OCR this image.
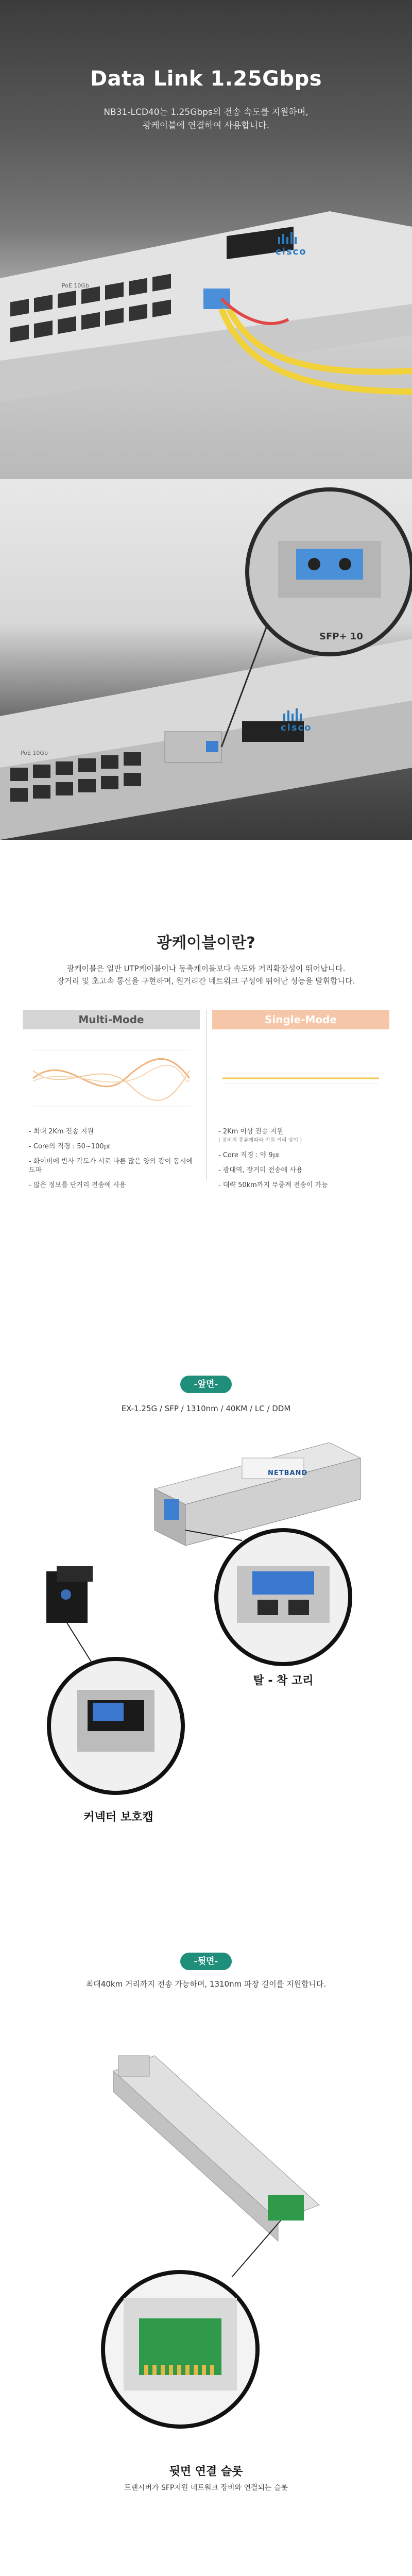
Data Link 1.25Gbps
NB31-LCD40는 1.25Gbps의 전송 속도를 지원하며,
광케이블에 연결하여 사용합니다.
cisco
PoE 10Gb
cisco
PoE 10Gb
SFP+ 10
광케이블이란?
광케이블은 일반 UTP케이블이나 동축케이블보다 속도와 거리확장성이 뛰어납니다.
장거리 및 초고속 통신을 구현하며, 원거리간 네트워크 구성에 뛰어난 성능을 발휘합니다.
Multi-Mode
- 최대 2Km 전송 지원
- Core의 직경 : 50~100㎛
- 화이버에 반사 각도가 서로 다른 많은 양의 광이 동시에 도파
- 많은 정보를 단거리 전송에 사용
Single-Mode
- 2Km 이상 전송 지원
( 장비의 종류에따라 지원 거리 상이 )
- Core 직경 : 약 9㎛
- 광대역, 장거리 전송에 사용
- 대략 50km까지 무중계 전송이 가능
-앞면-
EX-1.25G / SFP / 1310nm / 40KM / LC / DDM
NETBAND
탈 - 착 고리
커넥터 보호캡
-뒷면-
최대40km 거리까지 전송 가능하며, 1310nm 파장 길이를 지원합니다.
뒷면 연결 슬롯
트랜시버가 SFP지원 네트워크 장비와 연결되는 슬롯
